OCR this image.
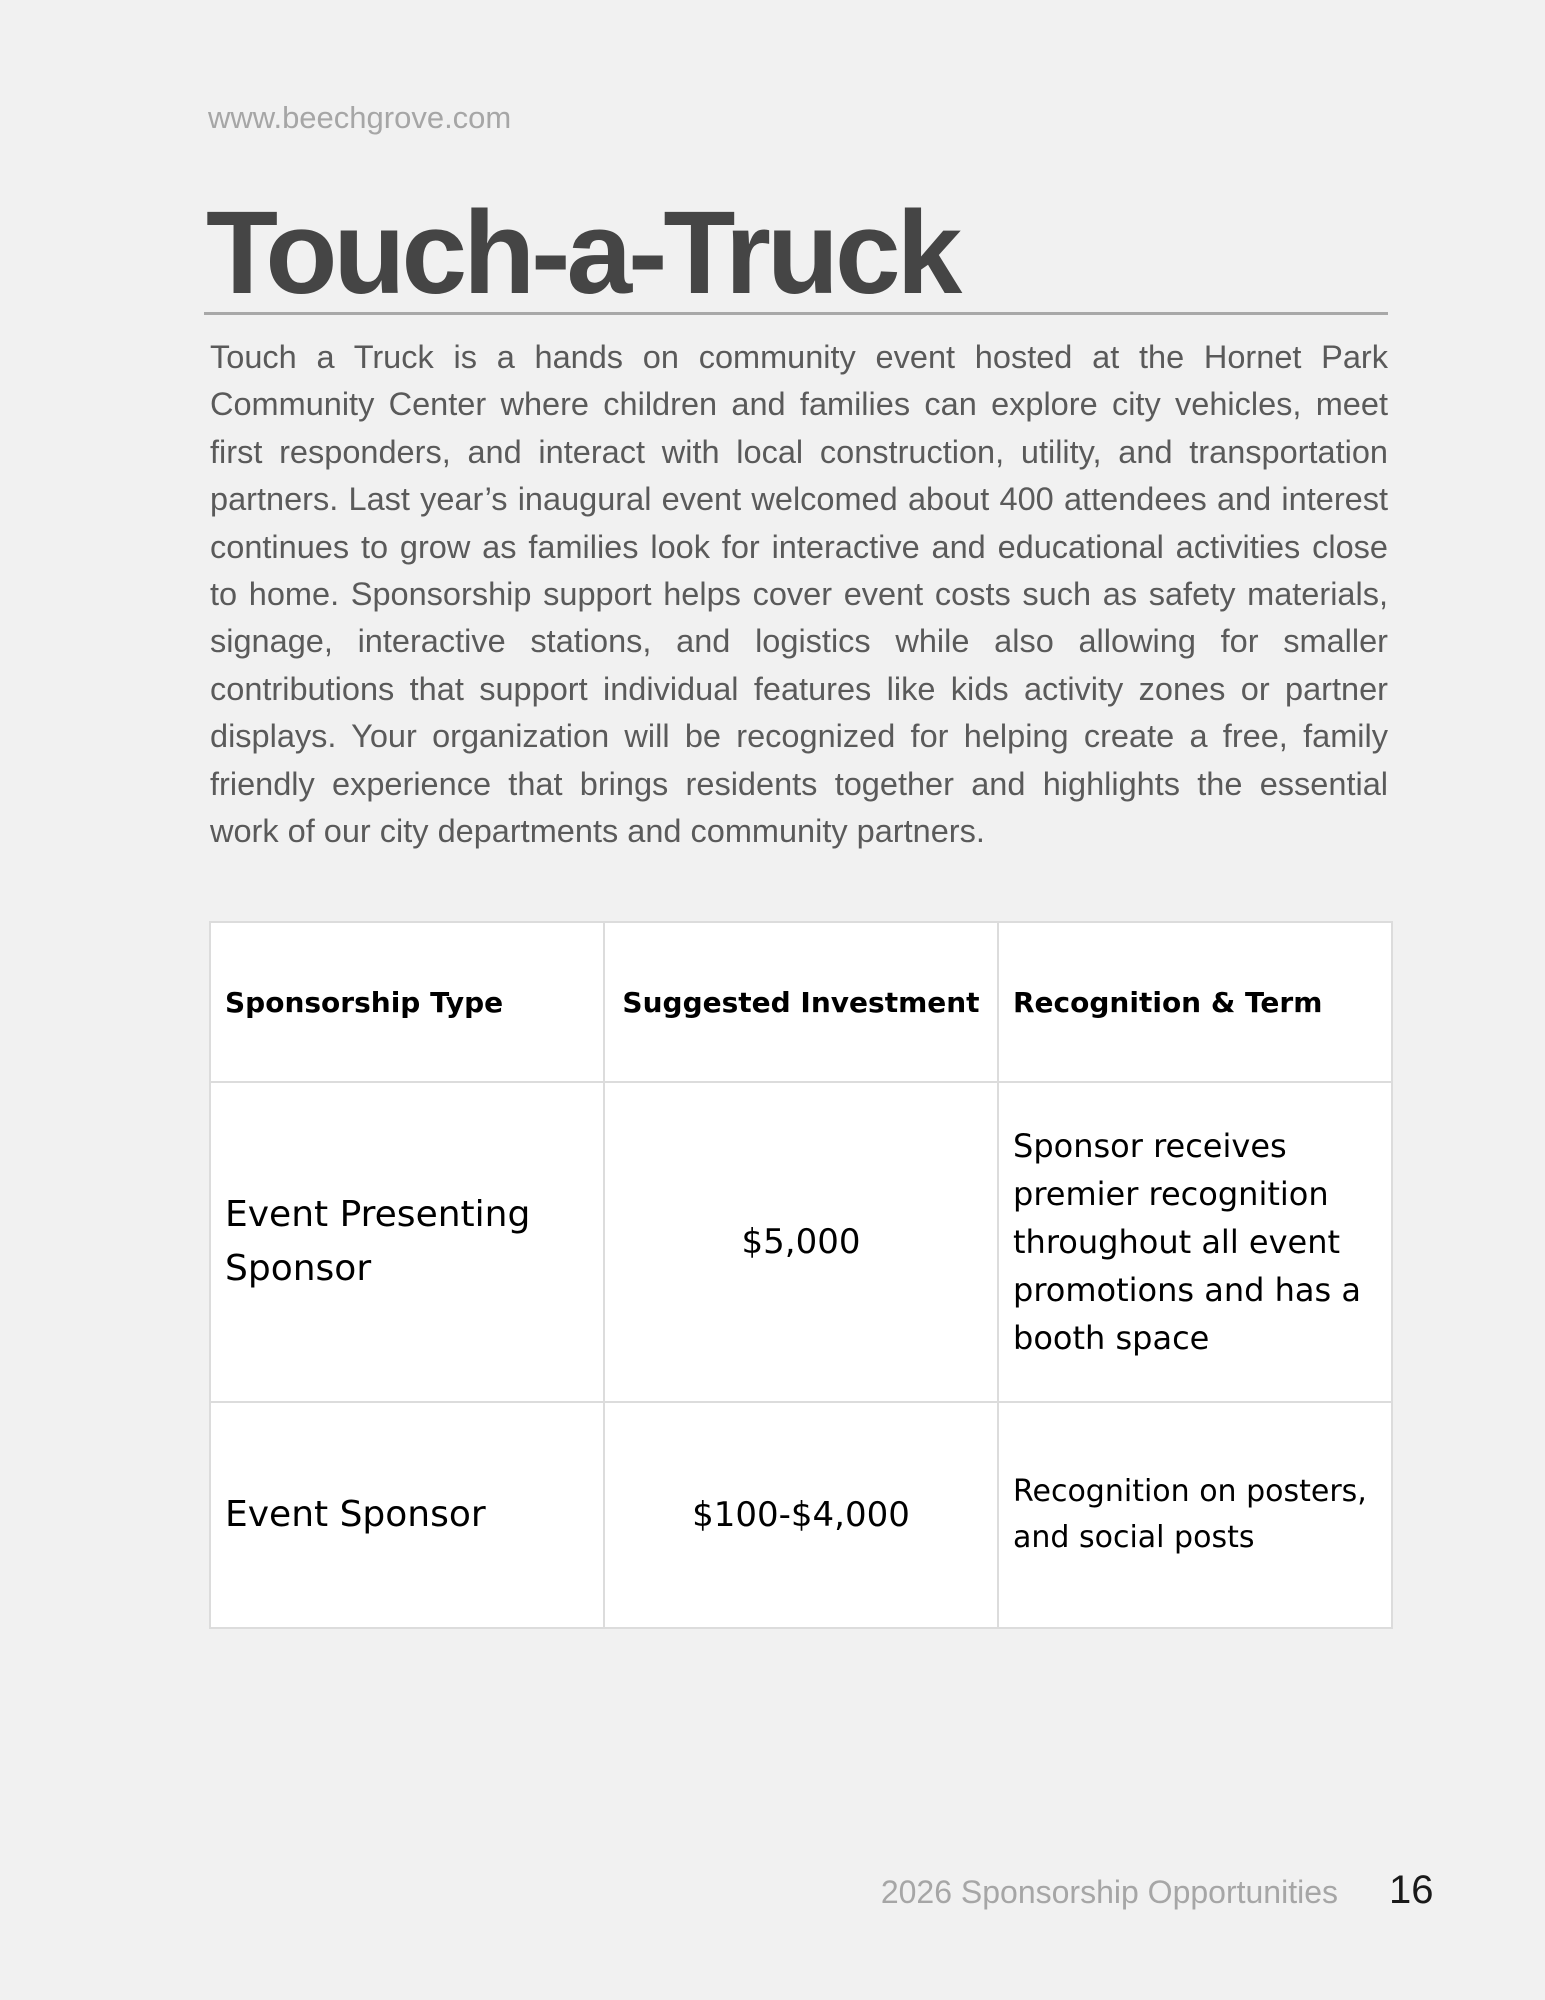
www.beechgrove.com
Touch-a-Truck

Touch a Truck is a hands on community event hosted at the Hornet Park Community Center where children and families can explore city vehicles, meet first responders, and interact with local construction, utility, and transportation partners. Last year’s inaugural event welcomed about 400 attendees and interest continues to grow as families look for interactive and educational activities close to home. Sponsorship support helps cover event costs such as safety materials, signage, interactive stations, and logistics while also allowing for smaller contributions that support individual features like kids activity zones or partner displays. Your organization will be recognized for helping create a free, family friendly experience that brings residents together and highlights the essential work of our city departments and community partners.

Sponsorship Type	Suggested Investment	Recognition & Term
Event Presenting Sponsor	$5,000	Sponsor receives premier recognition throughout all event promotions and has a booth space
Event Sponsor	$100-$4,000	Recognition on posters, and social posts
2026 Sponsorship Opportunities 16
